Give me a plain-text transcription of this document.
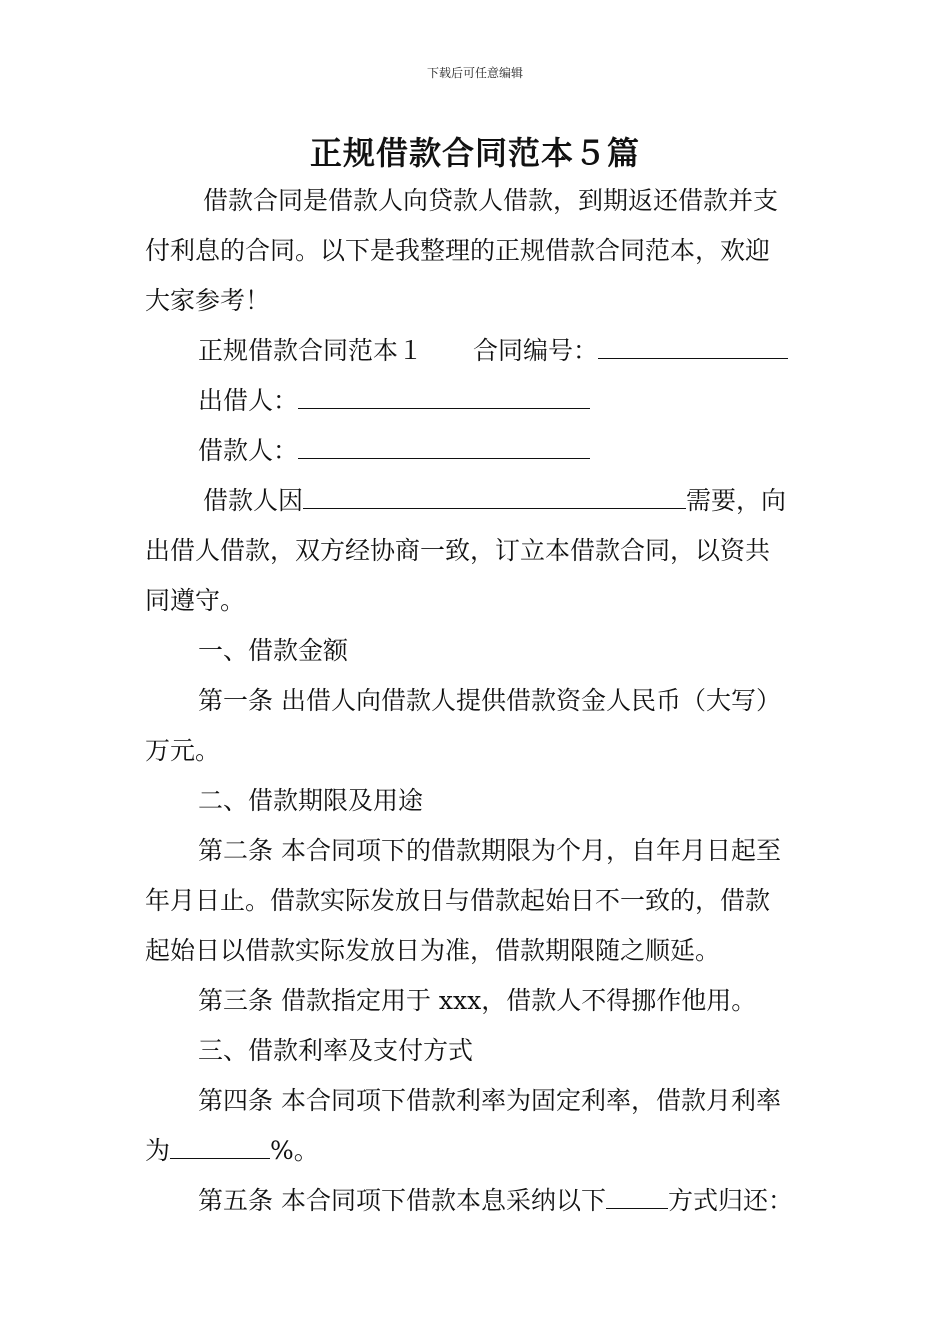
下载后可任意编辑
正规借款合同范本５篇

借款合同是借款人向贷款人借款，到期返还借款并支

付利息的合同。以下是我整理的正规借款合同范本，欢迎

大家参考！

正规借款合同范本１ 合同编号：

出借人：

借款人：

借款人因	需要，向

出借人借款，双方经协商一致，订立本借款合同，以资共

同遵守。

一、借款金额

第一条 出借人向借款人提供借款资金人民币（大写）

万元。

二、借款期限及用途

第二条 本合同项下的借款期限为个月，自年月日起至

年月日止。借款实际发放日与借款起始日不一致的，借款

起始日以借款实际发放日为准，借款期限随之顺延。

第三条 借款指定用于 xxx，借款人不得挪作他用。

三、借款利率及支付方式

第四条 本合同项下借款利率为固定利率，借款月利率

为	%。

第五条 本合同项下借款本息采纳以下 方式归还：
